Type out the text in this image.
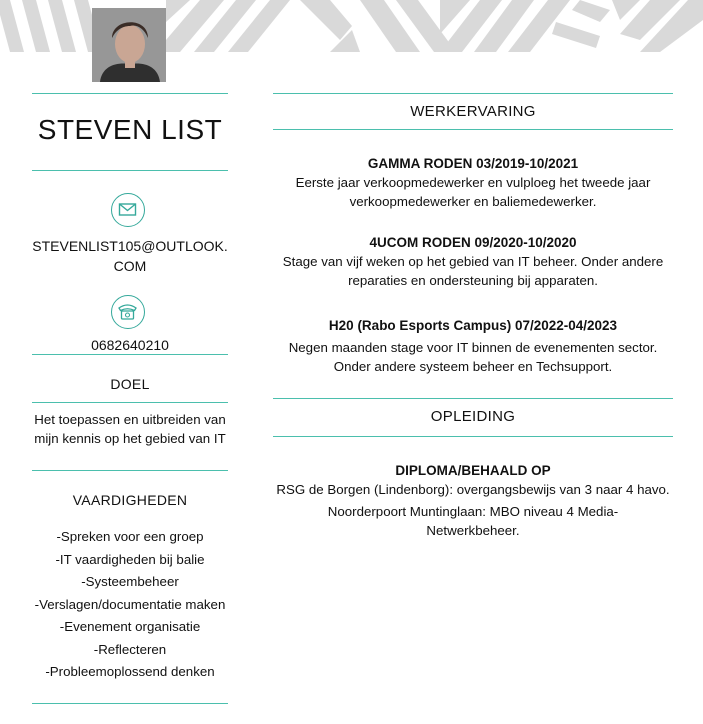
STEVEN LIST
STEVENLIST105@OUTLOOK.
COM
0682640210
DOEL
Het toepassen en uitbreiden van
mijn kennis op het gebied van IT
VAARDIGHEDEN
-Spreken voor een groep
-IT vaardigheden bij balie
-Systeembeheer
-Verslagen/documentatie maken
-Evenement organisatie
-Reflecteren
-Probleemoplossend denken
WERKERVARING
GAMMA RODEN 03/2019-10/2021
Eerste jaar verkoopmedewerker en vulploeg het tweede jaar
verkoopmedewerker en baliemedewerker.
4UCOM RODEN 09/2020-10/2020
Stage van vijf weken op het gebied van IT beheer. Onder andere
reparaties en ondersteuning bij apparaten.
H20 (Rabo Esports Campus) 07/2022-04/2023
Negen maanden stage voor IT binnen de evenementen sector.
Onder andere systeem beheer en Techsupport.
OPLEIDING
DIPLOMA/BEHAALD OP
RSG de Borgen (Lindenborg): overgangsbewijs van 3 naar 4 havo.
Noorderpoort Muntinglaan: MBO niveau 4 Media-
Netwerkbeheer.
